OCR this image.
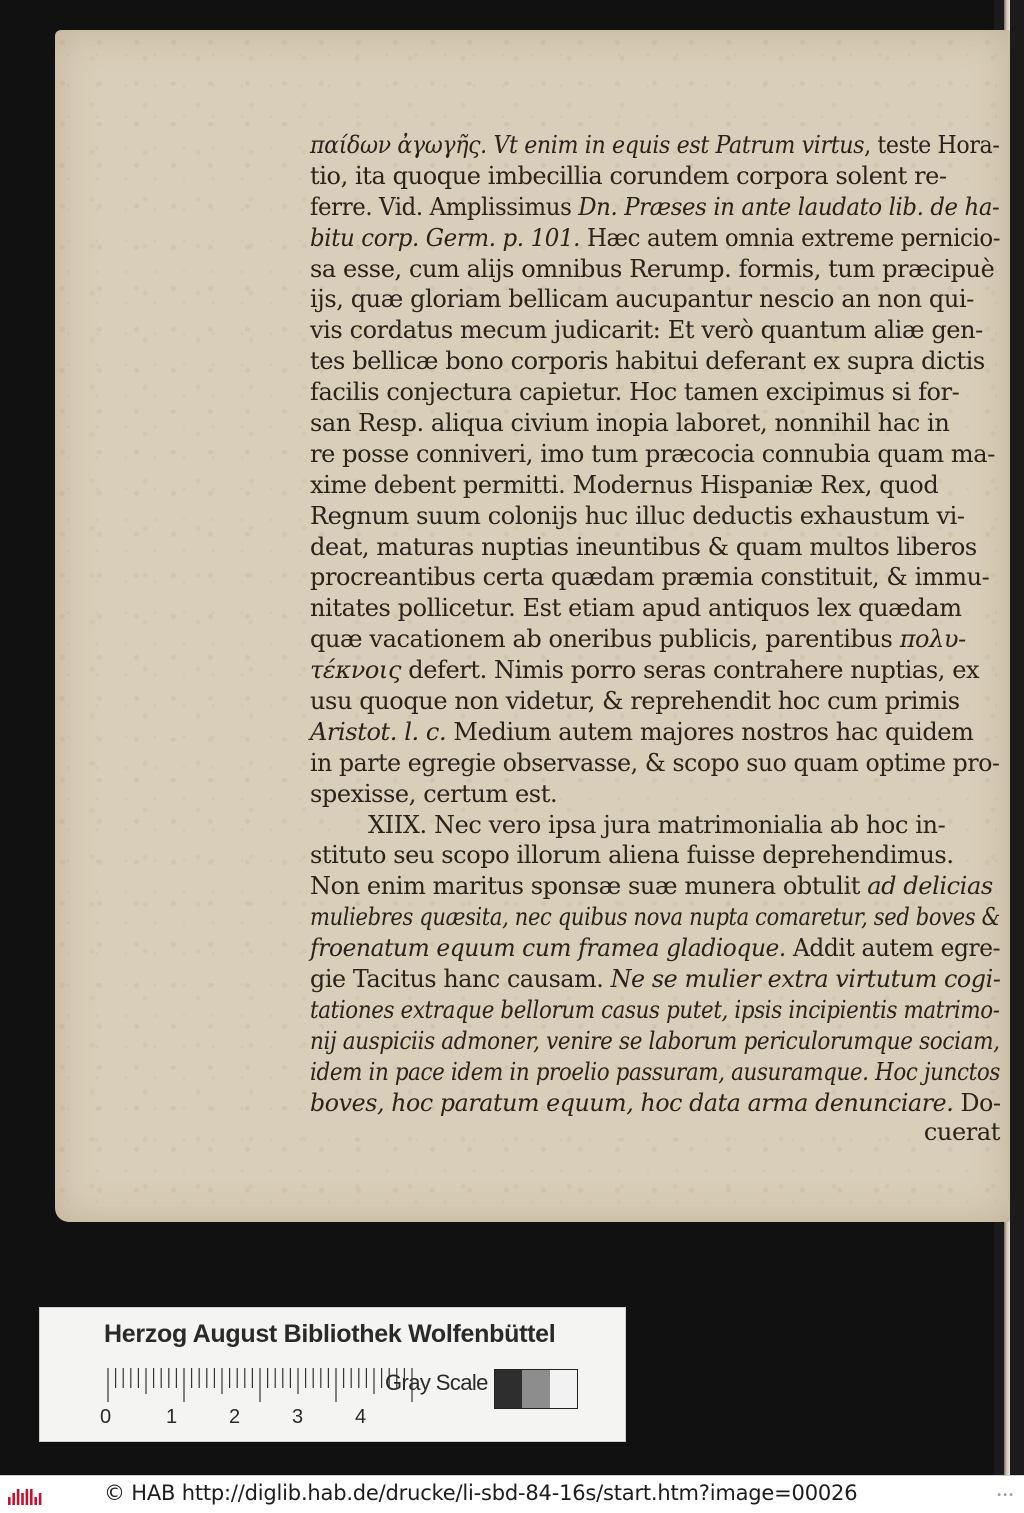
παίδων ἀγωγῆς. Vt enim in equis est Patrum virtus, teste Hora-
tio, ita quoque imbecillia corundem corpora solent re-
ferre. Vid. Amplissimus Dn. Præses in ante laudato lib. de ha-
bitu corp. Germ. p. 101. Hæc autem omnia extreme pernicio-
sa esse, cum alijs omnibus Rerump. formis, tum præcipuè
ijs, quæ gloriam bellicam aucupantur nescio an non qui-
vis cordatus mecum judicarit: Et verò quantum aliæ gen-
tes bellicæ bono corporis habitui deferant ex supra dictis
facilis conjectura capietur. Hoc tamen excipimus si for-
san Resp. aliqua civium inopia laboret, nonnihil hac in
re posse conniveri, imo tum præcocia connubia quam ma-
xime debent permitti. Modernus Hispaniæ Rex, quod
Regnum suum colonijs huc illuc deductis exhaustum vi-
deat, maturas nuptias ineuntibus & quam multos liberos
procreantibus certa quædam præmia constituit, & immu-
nitates pollicetur. Est etiam apud antiquos lex quædam
quæ vacationem ab oneribus publicis, parentibus πολυ-
τέκνοις defert. Nimis porro seras contrahere nuptias, ex
usu quoque non videtur, & reprehendit hoc cum primis
Aristot. l. c. Medium autem majores nostros hac quidem
in parte egregie observasse, & scopo suo quam optime pro-
spexisse, certum est.
XIIX. Nec vero ipsa jura matrimonialia ab hoc in-
stituto seu scopo illorum aliena fuisse deprehendimus.
Non enim maritus sponsæ suæ munera obtulit ad delicias
muliebres quæsita, nec quibus nova nupta comaretur, sed boves &
froenatum equum cum framea gladioque. Addit autem egre-
gie Tacitus hanc causam. Ne se mulier extra virtutum cogi-
tationes extraque bellorum casus putet, ipsis incipientis matrimo-
nij auspiciis admoner, venire se laborum periculorumque sociam,
idem in pace idem in proelio passuram, ausuramque. Hoc junctos
boves, hoc paratum equum, hoc data arma denunciare. Do-
cuerat
Herzog August Bibliothek Wolfenbüttel
0	1	2	3	4
Gray Scale
© HAB http://diglib.hab.de/drucke/li-sbd-84-16s/start.htm?image=00026	•••
